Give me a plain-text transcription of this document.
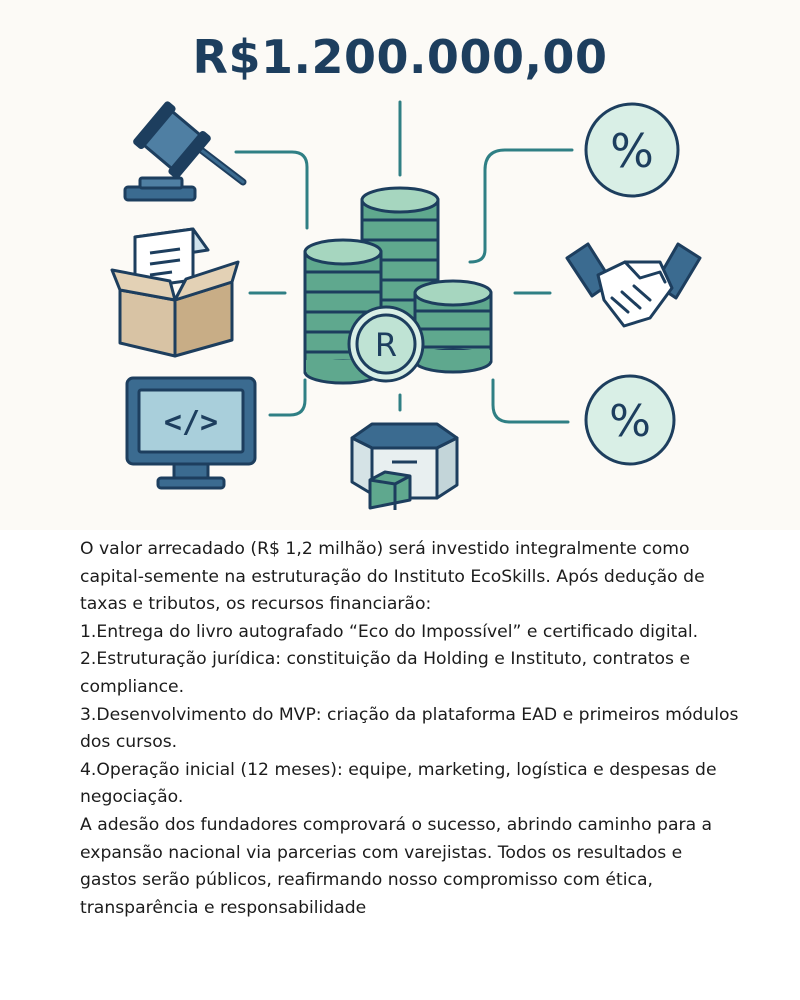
</>
R
%
%
R$1.200.000,00

O valor arrecadado (R$ 1,2 milhão) será investido integralmente como capital-semente na estruturação do Instituto EcoSkills. Após dedução de taxas e tributos, os recursos financiarão:

1.Entrega do livro autografado “Eco do Impossível” e certificado digital.

2.Estruturação jurídica: constituição da Holding e Instituto, contratos e compliance.

3.Desenvolvimento do MVP: criação da plataforma EAD e primeiros módulos dos cursos.

4.Operação inicial (12 meses): equipe, marketing, logística e despesas de negociação.

A adesão dos fundadores comprovará o sucesso, abrindo caminho para a expansão nacional via parcerias com varejistas. Todos os resultados e gastos serão públicos, reafirmando nosso compromisso com ética, transparência e responsabilidade
